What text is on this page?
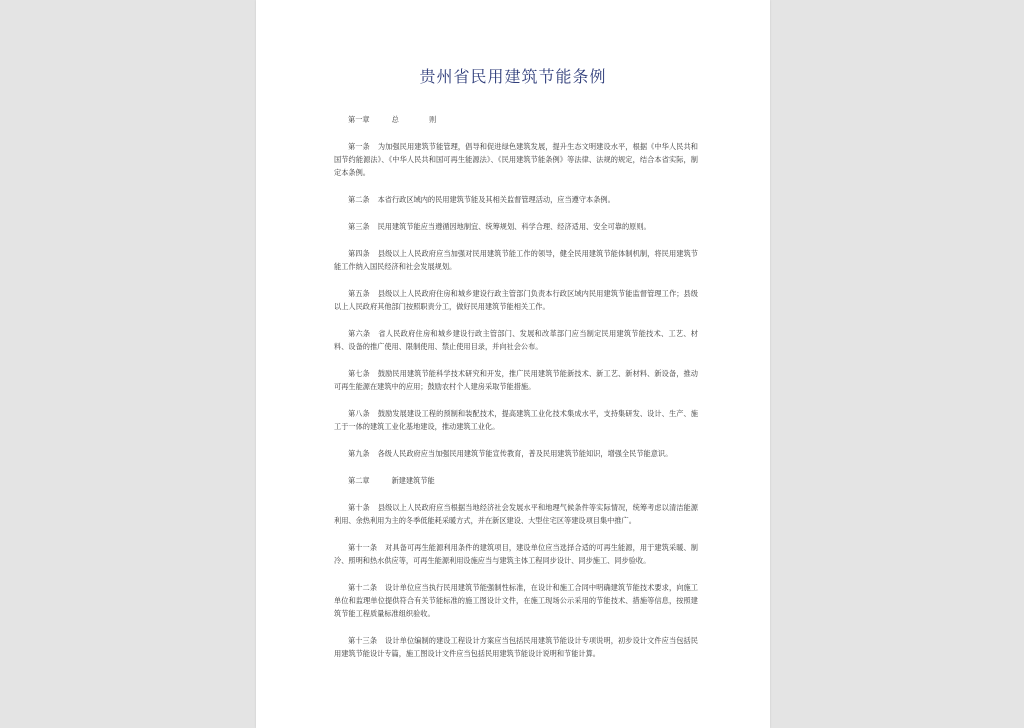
贵州省民用建筑节能条例
第一章	总 则

第一条 为加强民用建筑节能管理，倡导和促进绿色建筑发展，提升生态文明建设水平，根据《中华人民共和国节约能源法》、《中华人民共和国可再生能源法》、《民用建筑节能条例》等法律、法规的规定，结合本省实际，制定本条例。

第二条 本省行政区域内的民用建筑节能及其相关监督管理活动，应当遵守本条例。

第三条 民用建筑节能应当遵循因地制宜、统筹规划、科学合理、经济适用、安全可靠的原则。

第四条 县级以上人民政府应当加强对民用建筑节能工作的领导，健全民用建筑节能体制机制，将民用建筑节能工作纳入国民经济和社会发展规划。

第五条 县级以上人民政府住房和城乡建设行政主管部门负责本行政区域内民用建筑节能监督管理工作；县级以上人民政府其他部门按照职责分工，做好民用建筑节能相关工作。

第六条 省人民政府住房和城乡建设行政主管部门、发展和改革部门应当制定民用建筑节能技术、工艺、材料、设备的推广使用、限制使用、禁止使用目录，并向社会公布。

第七条 鼓励民用建筑节能科学技术研究和开发，推广民用建筑节能新技术、新工艺、新材料、新设备，推动可再生能源在建筑中的应用；鼓励农村个人建房采取节能措施。

第八条 鼓励发展建设工程的预制和装配技术，提高建筑工业化技术集成水平，支持集研发、设计、生产、施工于一体的建筑工业化基地建设，推动建筑工业化。

第九条 各级人民政府应当加强民用建筑节能宣传教育，普及民用建筑节能知识，增强全民节能意识。

第二章	新建建筑节能

第十条 县级以上人民政府应当根据当地经济社会发展水平和地理气候条件等实际情况，统筹考虑以清洁能源利用、余热利用为主的冬季低能耗采暖方式，并在新区建设、大型住宅区等建设项目集中推广。

第十一条 对具备可再生能源利用条件的建筑项目，建设单位应当选择合适的可再生能源，用于建筑采暖、制冷、照明和热水供应等，可再生能源利用设施应当与建筑主体工程同步设计、同步施工、同步验收。

第十二条 设计单位应当执行民用建筑节能强制性标准，在设计和施工合同中明确建筑节能技术要求，向施工单位和监理单位提供符合有关节能标准的施工图设计文件，在施工现场公示采用的节能技术、措施等信息，按照建筑节能工程质量标准组织验收。

第十三条 设计单位编制的建设工程设计方案应当包括民用建筑节能设计专项说明，初步设计文件应当包括民用建筑节能设计专篇，施工图设计文件应当包括民用建筑节能设计说明和节能计算。
